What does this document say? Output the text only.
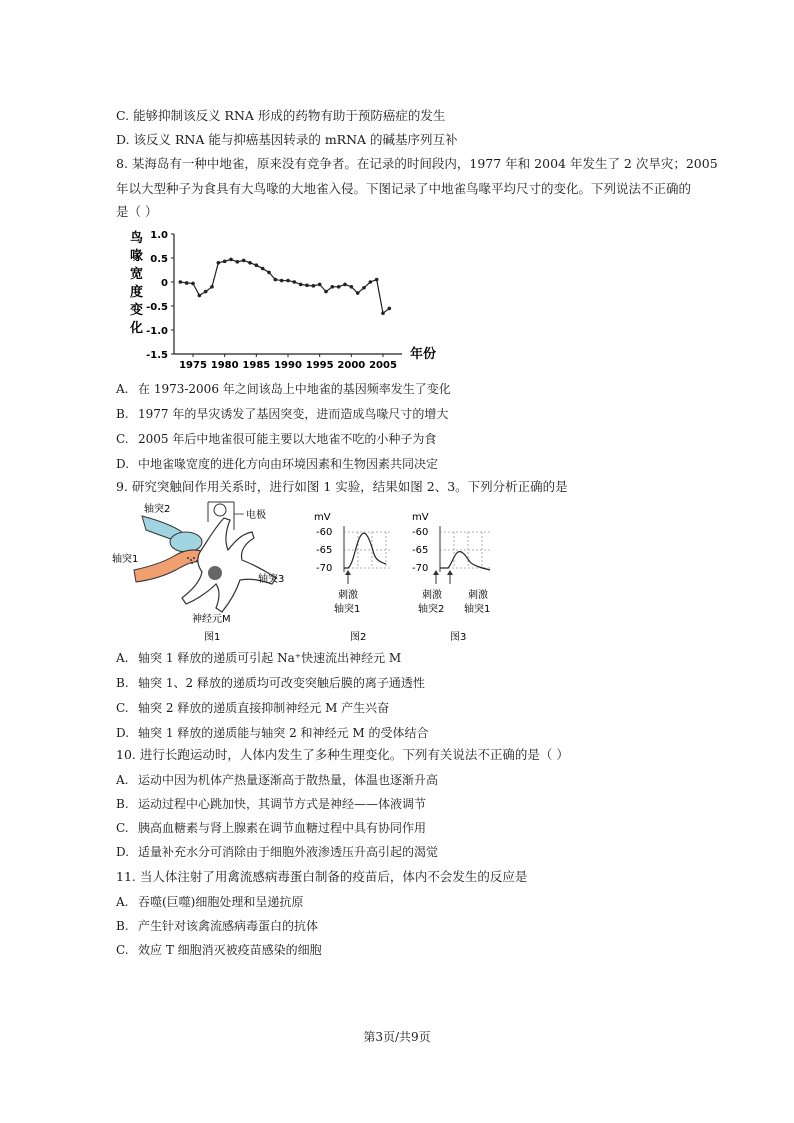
C. 能够抑制该反义 RNA 形成的药物有助于预防癌症的发生
D. 该反义 RNA 能与抑癌基因转录的 mRNA 的碱基序列互补
8. 某海岛有一种中地雀，原来没有竞争者。在记录的时间段内，1977 年和 2004 年发生了 2 次旱灾；2005
年以大型种子为食具有大鸟喙的大地雀入侵。下图记录了中地雀鸟喙平均尺寸的变化。下列说法不正确的
是（ ）
鸟
喙
宽
度
变
化
年份
1.0
0.5
0
-0.5
-1.0
-1.5
1975 1980 1985 1990 1995 2000 2005
A. 在 1973-2006 年之间该岛上中地雀的基因频率发生了变化
B. 1977 年的旱灾诱发了基因突变，进而造成鸟喙尺寸的增大
C. 2005 年后中地雀很可能主要以大地雀不吃的小种子为食
D. 中地雀喙宽度的进化方向由环境因素和生物因素共同决定
9. 研究突触间作用关系时，进行如图 1 实验，结果如图 2、3。下列分析正确的是
轴突2
电极
轴突1
轴突3
神经元M
图1
mV
-60
-65
-70
刺激
轴突1
图2
mV
-60
-65
-70
刺激
轴突2
刺激
轴突1
图3
A. 轴突 1 释放的递质可引起 Na⁺快速流出神经元 M
B. 轴突 1、2 释放的递质均可改变突触后膜的离子通透性
C. 轴突 2 释放的递质直接抑制神经元 M 产生兴奋
D. 轴突 1 释放的递质能与轴突 2 和神经元 M 的受体结合
10. 进行长跑运动时，人体内发生了多种生理变化。下列有关说法不正确的是（ ）
A. 运动中因为机体产热量逐渐高于散热量，体温也逐渐升高
B. 运动过程中心跳加快，其调节方式是神经——体液调节
C. 胰高血糖素与肾上腺素在调节血糖过程中具有协同作用
D. 适量补充水分可消除由于细胞外液渗透压升高引起的渴觉
11. 当人体注射了用禽流感病毒蛋白制备的疫苗后，体内不会发生的反应是
A. 吞噬(巨噬)细胞处理和呈递抗原
B. 产生针对该禽流感病毒蛋白的抗体
C. 效应 T 细胞消灭被疫苗感染的细胞
第3页/共9页
